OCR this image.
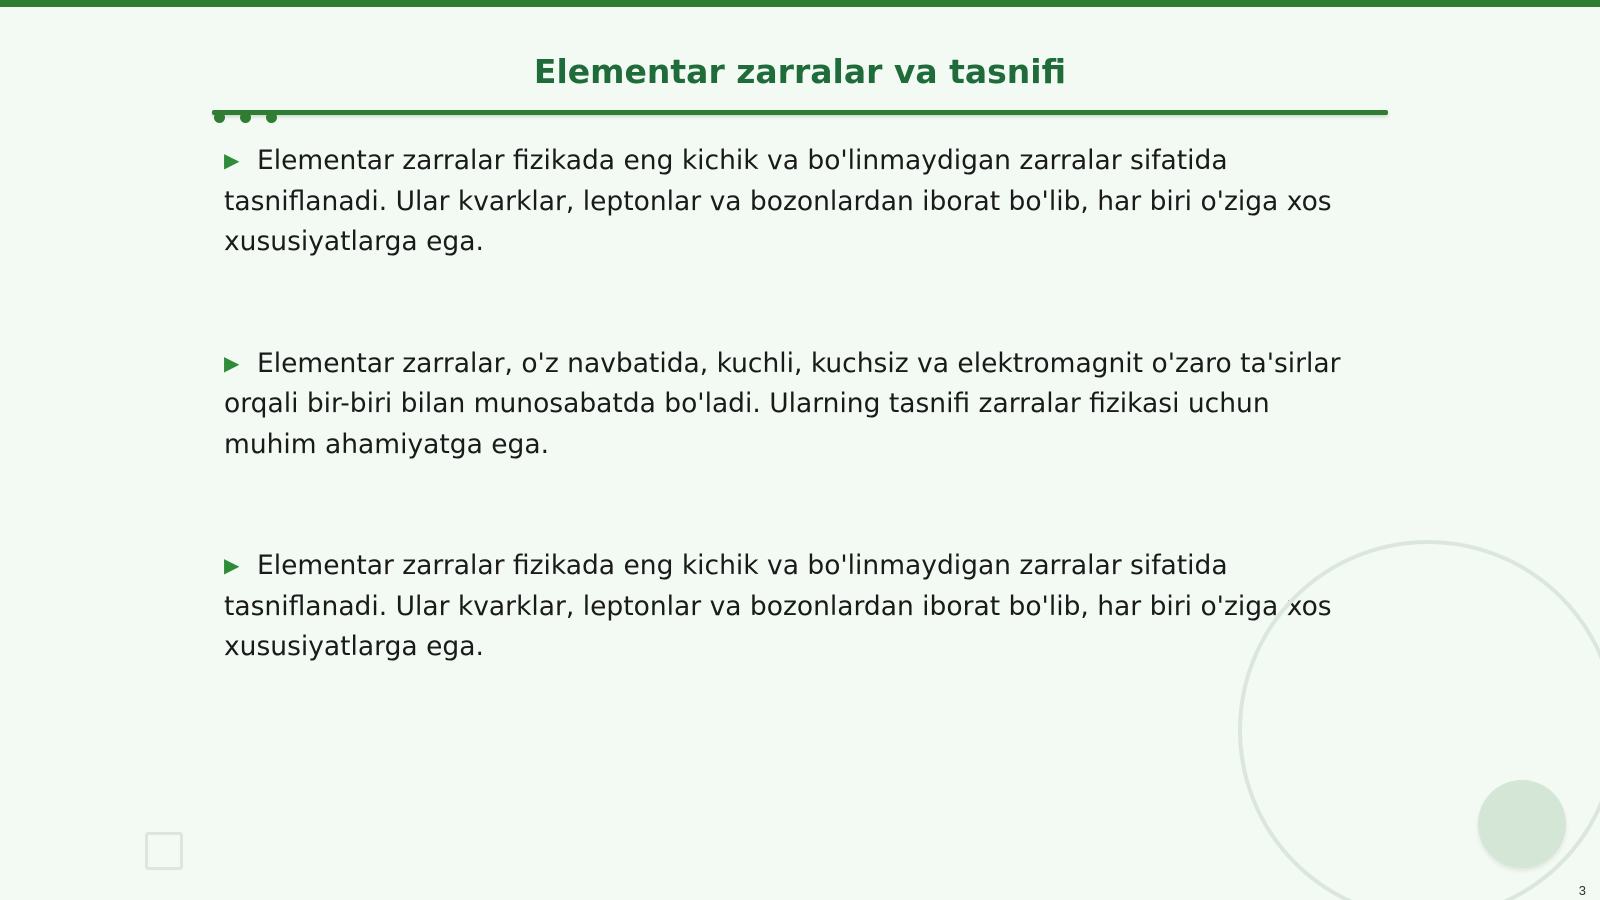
Elementar zarralar va tasnifi

▶ Elementar zarralar fizikada eng kichik va bo'linmaydigan zarralar sifatida tasniflanadi. Ular kvarklar, leptonlar va bozonlardan iborat bo'lib, har biri o'ziga xos xususiyatlarga ega.

▶ Elementar zarralar, o'z navbatida, kuchli, kuchsiz va elektromagnit o'zaro ta'sirlar orqali bir-biri bilan munosabatda bo'ladi. Ularning tasnifi zarralar fizikasi uchun muhim ahamiyatga ega.

▶ Elementar zarralar fizikada eng kichik va bo'linmaydigan zarralar sifatida tasniflanadi. Ular kvarklar, leptonlar va bozonlardan iborat bo'lib, har biri o'ziga xos xususiyatlarga ega.

3
